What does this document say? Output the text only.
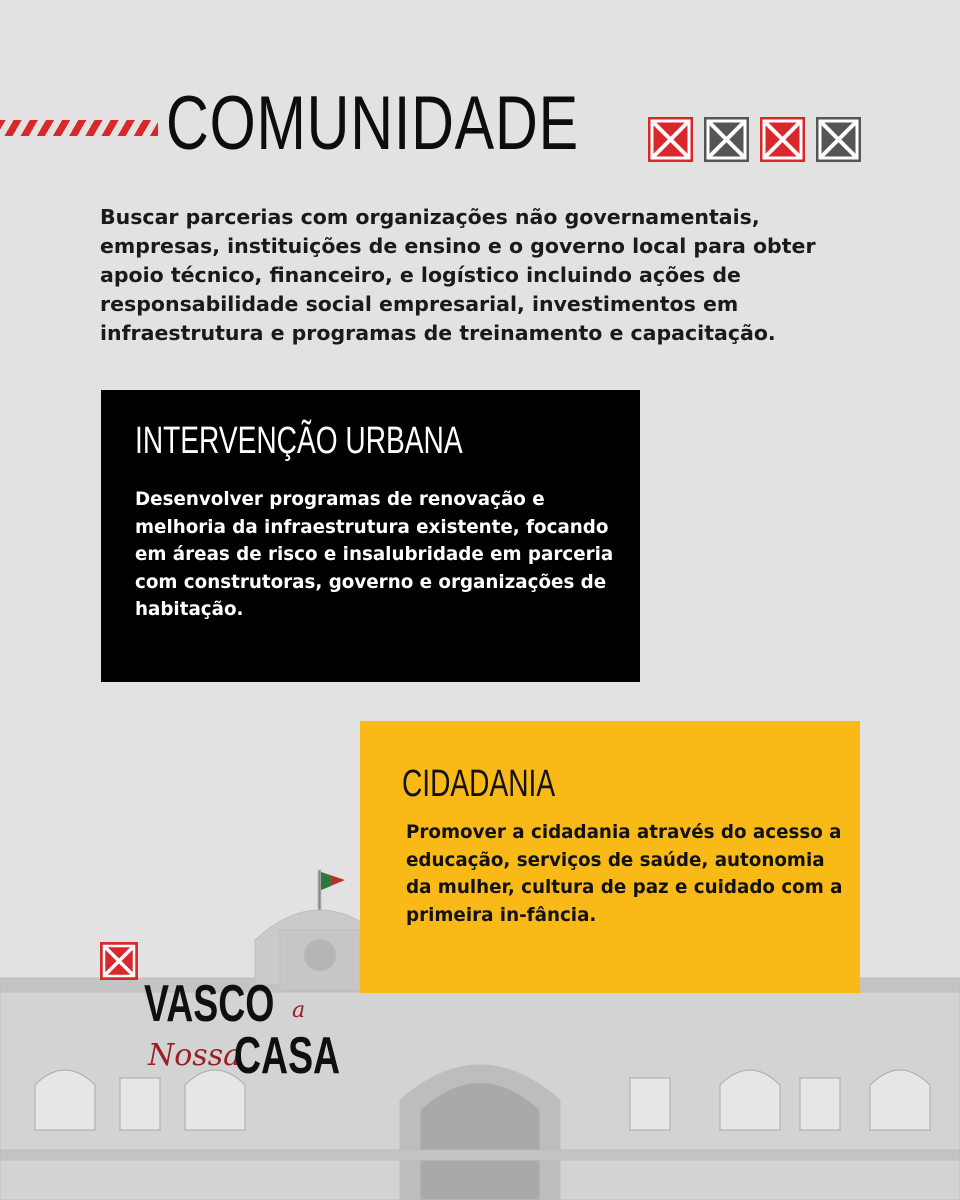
COMUNIDADE

Buscar parcerias com organizações não governamentais, empresas, instituições de ensino e o governo local para obter apoio técnico, financeiro, e logístico incluindo ações de responsabilidade social empresarial, investimentos em infraestrutura e programas de treinamento e capacitação.

INTERVENÇÃO URBANA

Desenvolver programas de renovação e melhoria da infraestrutura existente, focando em áreas de risco e insalubridade em parceria com construtoras, governo e organizações de habitação.

CIDADANIA

Promover a cidadania através do acesso a educação, serviços de saúde, autonomia da mulher, cultura de paz e cuidado com a primeira in-fância.

VASCO a
Nossa
CASA
